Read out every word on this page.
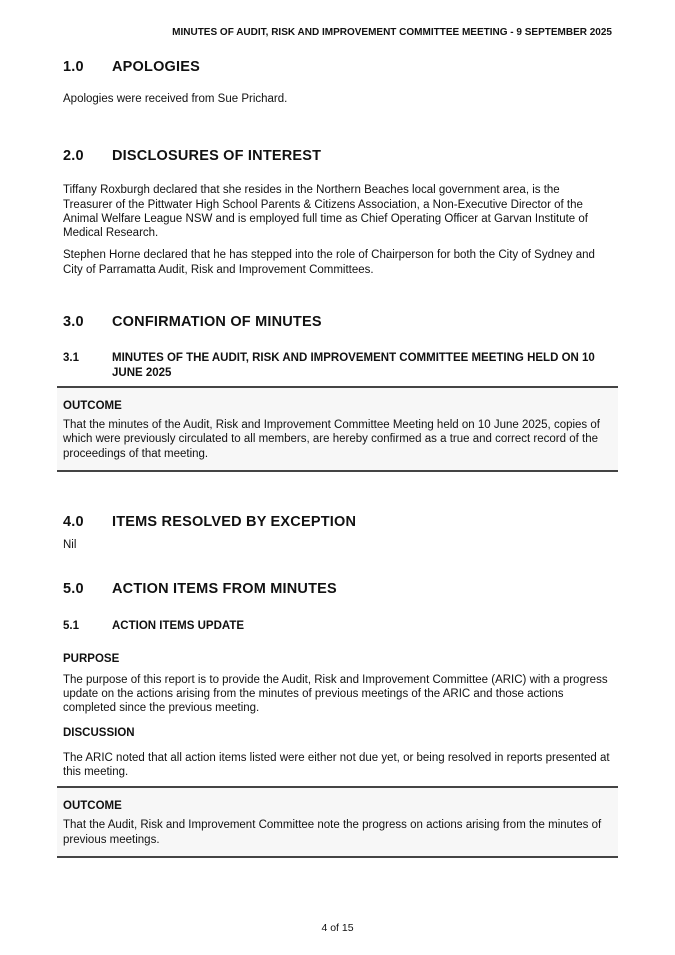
MINUTES OF AUDIT, RISK AND IMPROVEMENT COMMITTEE MEETING - 9 SEPTEMBER 2025
1.0	APOLOGIES

Apologies were received from Sue Prichard.

2.0	DISCLOSURES OF INTEREST

Tiffany Roxburgh declared that she resides in the Northern Beaches local government area, is the Treasurer of the Pittwater High School Parents & Citizens Association, a Non-Executive Director of the Animal Welfare League NSW and is employed full time as Chief Operating Officer at Garvan Institute of Medical Research.

Stephen Horne declared that he has stepped into the role of Chairperson for both the City of Sydney and City of Parramatta Audit, Risk and Improvement Committees.

3.0	CONFIRMATION OF MINUTES
3.1	MINUTES OF THE AUDIT, RISK AND IMPROVEMENT COMMITTEE MEETING HELD ON 10 JUNE 2025
OUTCOME

That the minutes of the Audit, Risk and Improvement Committee Meeting held on 10 June 2025, copies of which were previously circulated to all members, are hereby confirmed as a true and correct record of the proceedings of that meeting.

4.0	ITEMS RESOLVED BY EXCEPTION

Nil

5.0	ACTION ITEMS FROM MINUTES
5.1	ACTION ITEMS UPDATE
PURPOSE

The purpose of this report is to provide the Audit, Risk and Improvement Committee (ARIC) with a progress update on the actions arising from the minutes of previous meetings of the ARIC and those actions completed since the previous meeting.

DISCUSSION

The ARIC noted that all action items listed were either not due yet, or being resolved in reports presented at this meeting.

OUTCOME

That the Audit, Risk and Improvement Committee note the progress on actions arising from the minutes of previous meetings.

4 of 15
